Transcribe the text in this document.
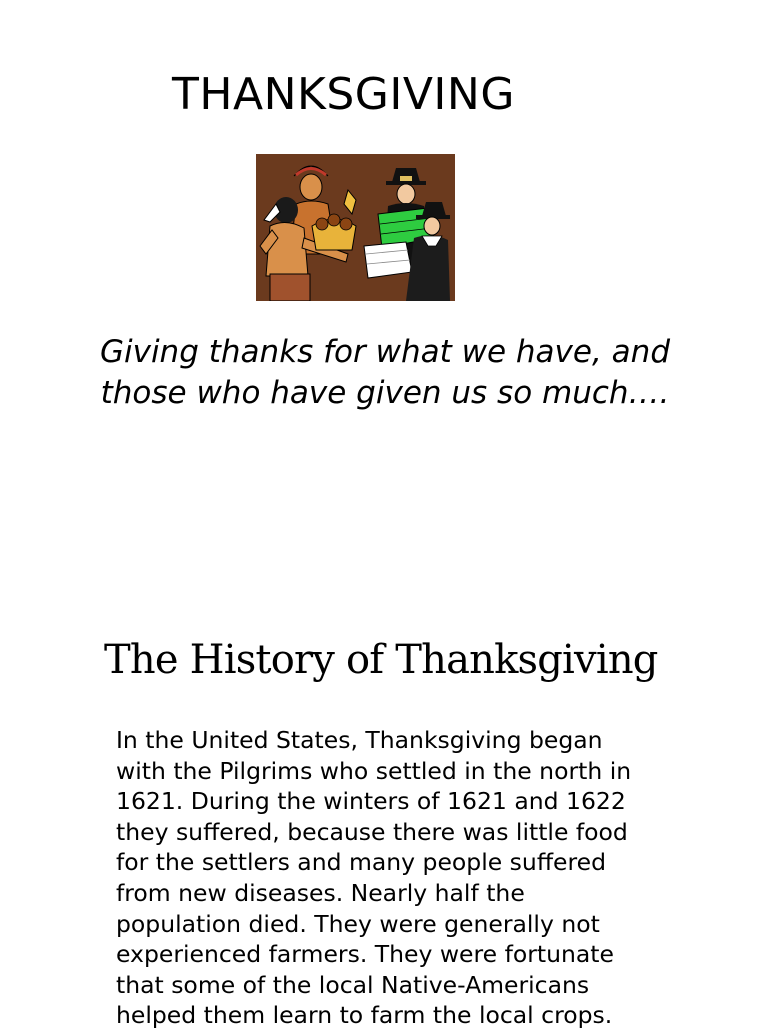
THANKSGIVING
Giving thanks for what we have, and
those who have given us so much….
The History of Thanksgiving
In the United States, Thanksgiving began
with the Pilgrims who settled in the north in
1621. During the winters of 1621 and 1622
they suffered, because there was little food
for the settlers and many people suffered
from new diseases. Nearly half the
population died. They were generally not
experienced farmers. They were fortunate
that some of the local Native-Americans
helped them learn to farm the local crops.
